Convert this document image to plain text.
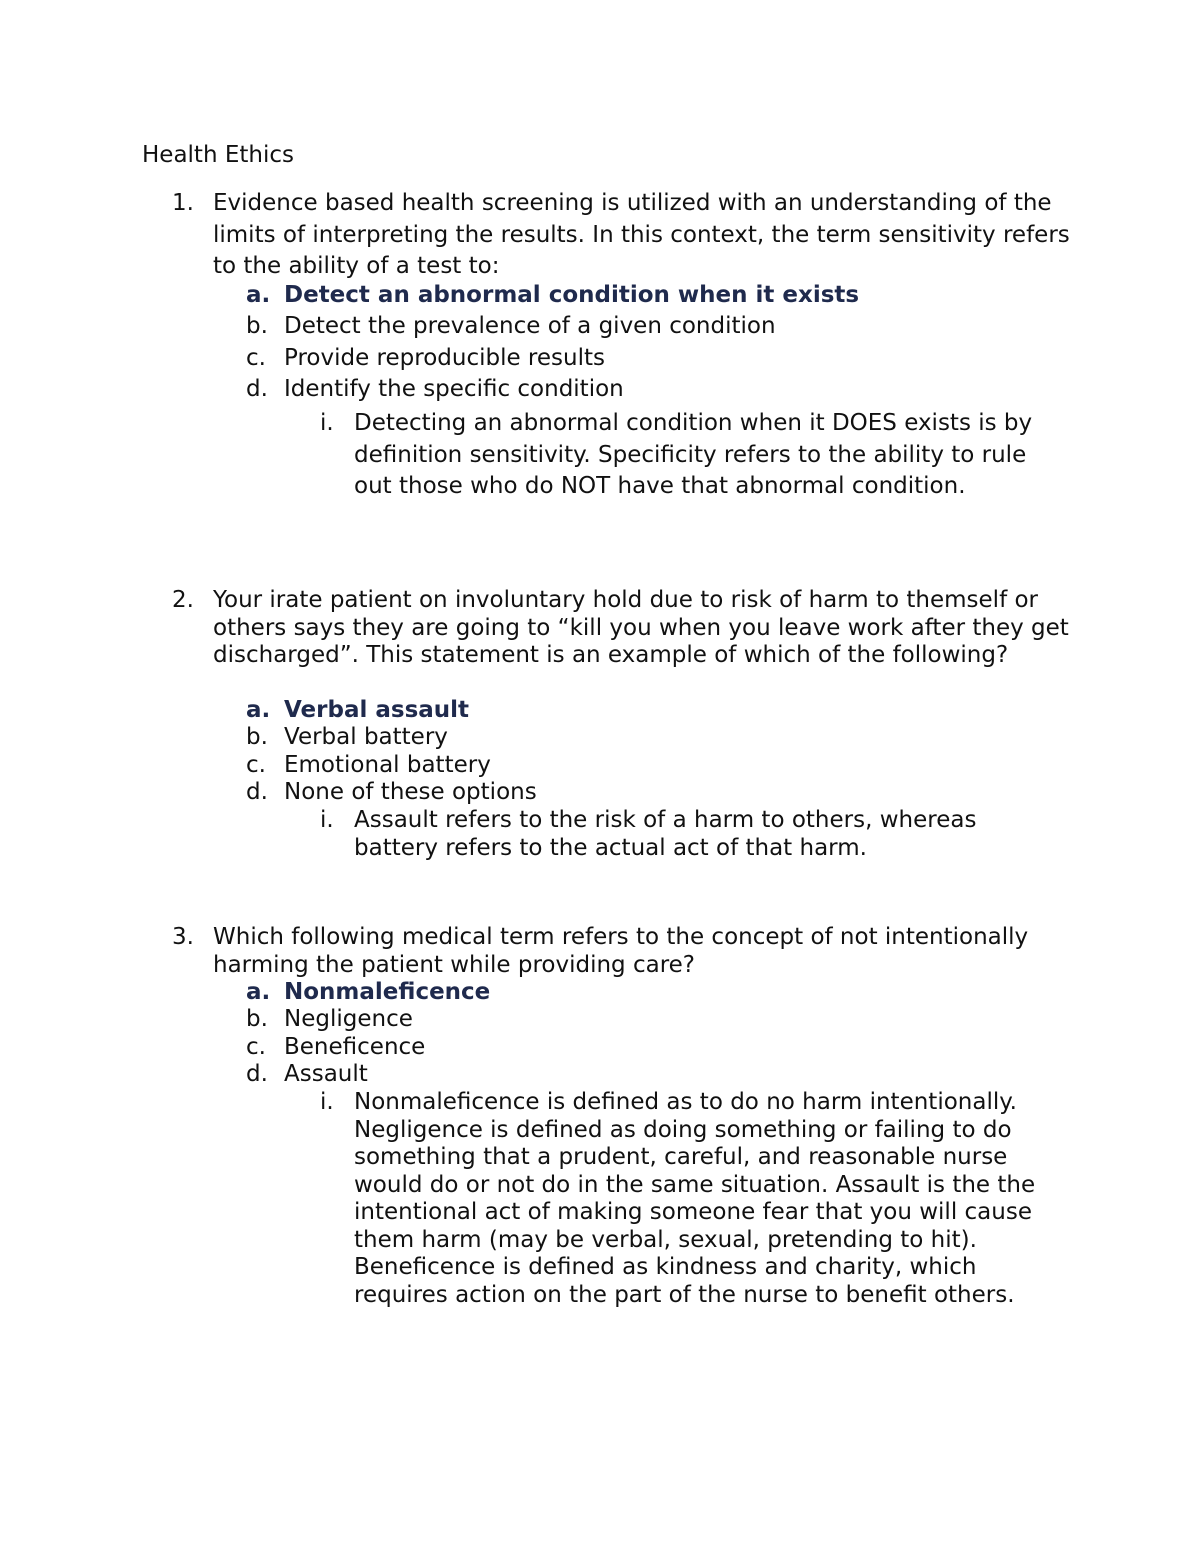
Health Ethics
1. Evidence based health screening is utilized with an understanding of the limits of interpreting the results. In this context, the term sensitivity refers to the ability of a test to:
a. Detect an abnormal condition when it exists
b. Detect the prevalence of a given condition
c. Provide reproducible results
d. Identify the specific condition
i. Detecting an abnormal condition when it DOES exists is by definition sensitivity. Specificity refers to the ability to rule out those who do NOT have that abnormal condition.
2. Your irate patient on involuntary hold due to risk of harm to themself or others says they are going to “kill you when you leave work after they get discharged”. This statement is an example of which of the following?
a. Verbal assault
b. Verbal battery
c. Emotional battery
d. None of these options
i. Assault refers to the risk of a harm to others, whereas battery refers to the actual act of that harm.
3. Which following medical term refers to the concept of not intentionally harming the patient while providing care?
a. Nonmaleficence
b. Negligence
c. Beneficence
d. Assault
i. Nonmaleficence is defined as to do no harm intentionally. Negligence is defined as doing something or failing to do something that a prudent, careful, and reasonable nurse would do or not do in the same situation. Assault is the the intentional act of making someone fear that you will cause them harm (may be verbal, sexual, pretending to hit). Beneficence is defined as kindness and charity, which requires action on the part of the nurse to benefit others.
